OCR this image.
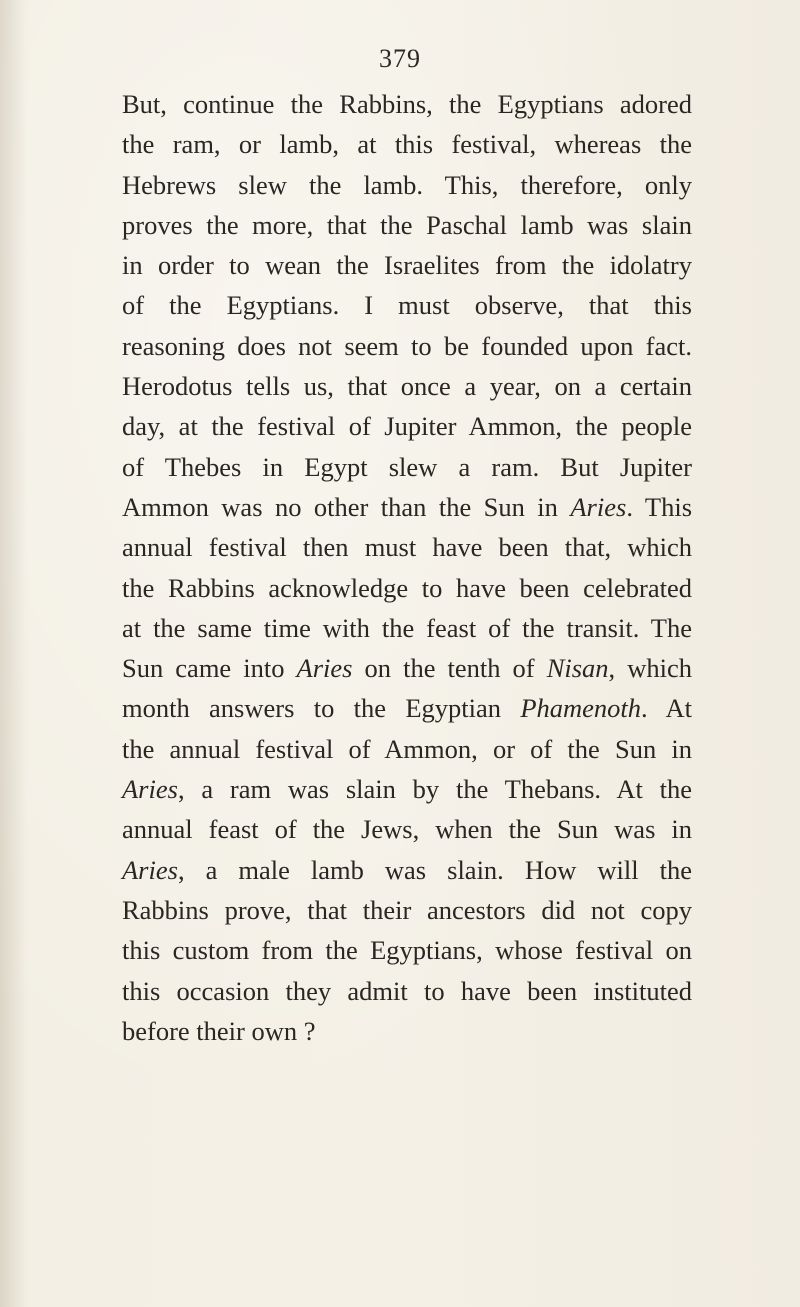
379
But, continue the Rabbins, the Egyptians adored
the ram, or lamb, at this festival, whereas the
Hebrews slew the lamb. This, therefore, only
proves the more, that the Paschal lamb was slain
in order to wean the Israelites from the idolatry
of the Egyptians. I must observe, that this
reasoning does not seem to be founded upon fact.
Herodotus tells us, that once a year, on a certain
day, at the festival of Jupiter Ammon, the people
of Thebes in Egypt slew a ram. But Jupiter
Ammon was no other than the Sun in Aries. This
annual festival then must have been that, which
the Rabbins acknowledge to have been celebrated
at the same time with the feast of the transit. The
Sun came into Aries on the tenth of Nisan, which
month answers to the Egyptian Phamenoth. At
the annual festival of Ammon, or of the Sun in
Aries, a ram was slain by the Thebans. At the
annual feast of the Jews, when the Sun was in
Aries, a male lamb was slain. How will the
Rabbins prove, that their ancestors did not copy
this custom from the Egyptians, whose festival on
this occasion they admit to have been instituted
before their own ?
